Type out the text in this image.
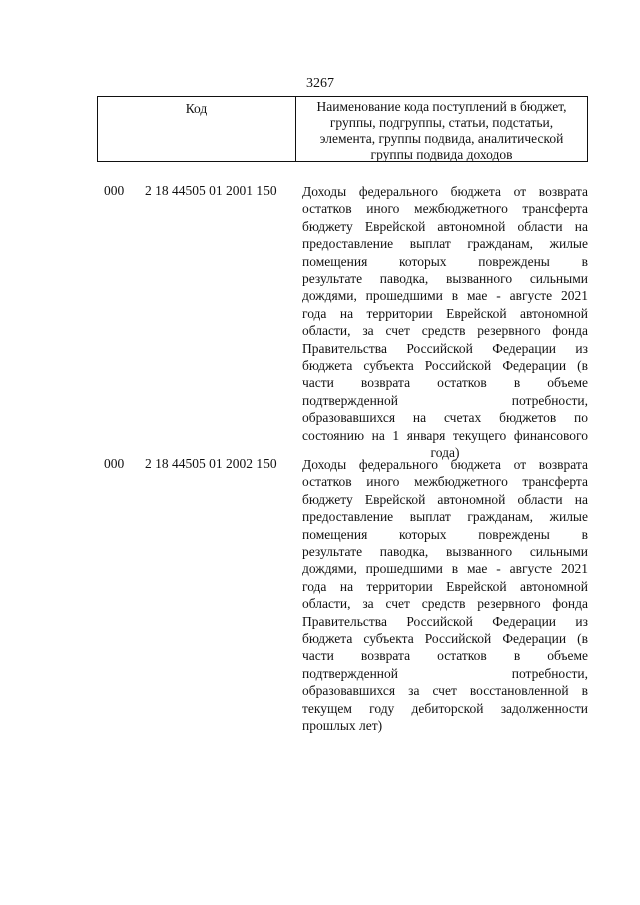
3267
Код	Наименование кода поступлений в бюджет,
группы, подгруппы, статьи, подстатьи,
элемента, группы подвида, аналитической
группы подвида доходов
000 2 18 44505 01 2001 150 Доходы федерального бюджета от возврата
остатков иного межбюджетного трансферта
бюджету Еврейской автономной области на
предоставление выплат гражданам, жилые
помещения которых повреждены в
результате паводка, вызванного сильными
дождями, прошедшими в мае - августе 2021
года на территории Еврейской автономной
области, за счет средств резервного фонда
Правительства Российской Федерации из
бюджета субъекта Российской Федерации (в
части возврата остатков в объеме
подтвержденной потребности,
образовавшихся на счетах бюджетов по
состоянию на 1 января текущего финансового
года)
000 2 18 44505 01 2002 150 Доходы федерального бюджета от возврата
остатков иного межбюджетного трансферта
бюджету Еврейской автономной области на
предоставление выплат гражданам, жилые
помещения которых повреждены в
результате паводка, вызванного сильными
дождями, прошедшими в мае - августе 2021
года на территории Еврейской автономной
области, за счет средств резервного фонда
Правительства Российской Федерации из
бюджета субъекта Российской Федерации (в
части возврата остатков в объеме
подтвержденной потребности,
образовавшихся за счет восстановленной в
текущем году дебиторской задолженности
прошлых лет)
